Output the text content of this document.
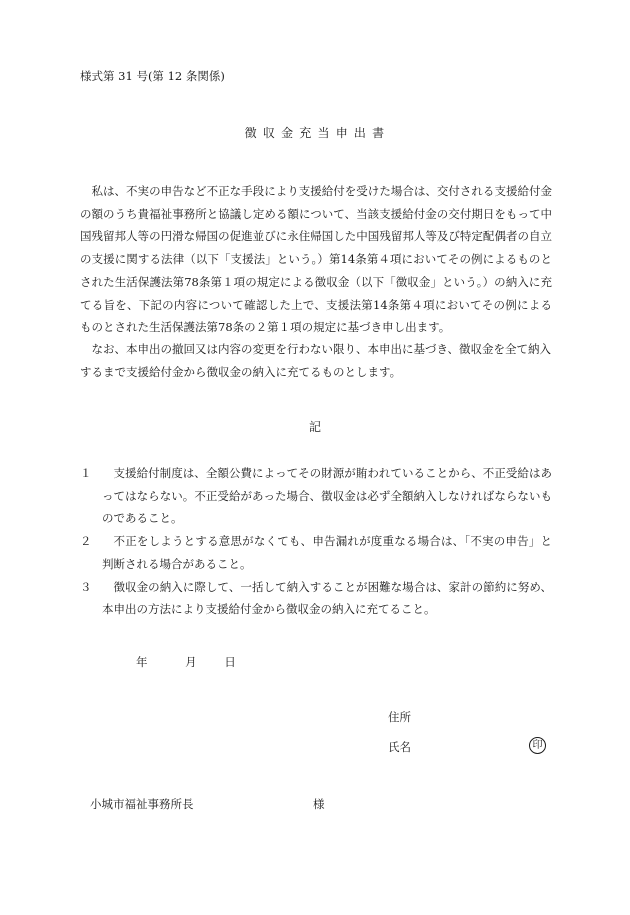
様式第 31 号(第 12 条関係)
徴 収 金 充 当 申 出 書

私は、不実の申告など不正な手段により支援給付を受けた場合は、交付される支援給付金の額のうち貴福祉事務所と協議し定める額について、当該支援給付金の交付期日をもって中国残留邦人等の円滑な帰国の促進並びに永住帰国した中国残留邦人等及び特定配偶者の自立の支援に関する法律（以下「支援法」という。）第14条第４項においてその例によるものとされた生活保護法第78条第１項の規定による徴収金（以下「徴収金」という。）の納入に充てる旨を、下記の内容について確認した上で、支援法第14条第４項においてその例によるものとされた生活保護法第78条の２第１項の規定に基づき申し出ます。

なお、本申出の撤回又は内容の変更を行わない限り、本申出に基づき、徴収金を全て納入するまで支援給付金から徴収金の納入に充てるものとします。

記
１	支援給付制度は、全額公費によってその財源が賄われていることから、不正受給はあってはならない。不正受給があった場合、徴収金は必ず全額納入しなければならないものであること。
２	不正をしようとする意思がなくても、申告漏れが度重なる場合は、「不実の申告」と判断される場合があること。
３	徴収金の納入に際して、一括して納入することが困難な場合は、家計の節約に努め、本申出の方法により支援給付金から徴収金の納入に充てること。
年	月 日
住所
氏名	印
小城市福祉事務所長	様
